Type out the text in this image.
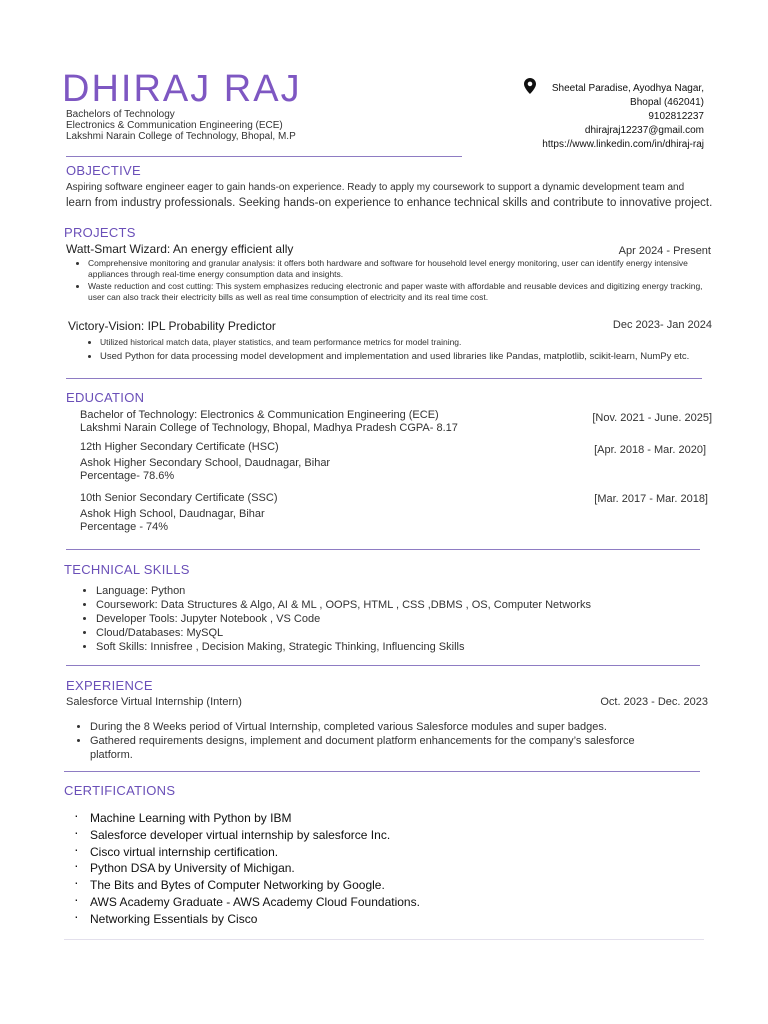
DHIRAJ RAJ
Bachelors of Technology
Electronics & Communication Engineering (ECE)
Lakshmi Narain College of Technology, Bhopal, M.P
Sheetal Paradise, Ayodhya Nagar,
Bhopal (462041)
9102812237
dhirajraj12237@gmail.com
https://www.linkedin.com/in/dhiraj-raj
OBJECTIVE
Aspiring software engineer eager to gain hands-on experience. Ready to apply my coursework to support a dynamic development team and
learn from industry professionals. Seeking hands-on experience to enhance technical skills and contribute to innovative project.
PROJECTS
Watt-Smart Wizard: An energy efficient ally	Apr 2024 - Present
• Comprehensive monitoring and granular analysis: it offers both hardware and software for household level energy monitoring, user can identify energy intensive appliances through real-time energy consumption data and insights.
• Waste reduction and cost cutting: This system emphasizes reducing electronic and paper waste with affordable and reusable devices and digitizing energy tracking, user can also track their electricity bills as well as real time consumption of electricity and its real time cost.
Victory-Vision: IPL Probability Predictor	Dec 2023- Jan 2024
• Utilized historical match data, player statistics, and team performance metrics for model training.
• Used Python for data processing model development and implementation and used libraries like Pandas, matplotlib, scikit-learn, NumPy etc.
EDUCATION
Bachelor of Technology: Electronics & Communication Engineering (ECE)
Lakshmi Narain College of Technology, Bhopal, Madhya Pradesh CGPA- 8.17
[Nov. 2021 - June. 2025]
12th Higher Secondary Certificate (HSC)
Ashok Higher Secondary School, Daudnagar, Bihar
Percentage- 78.6%
[Apr. 2018 - Mar. 2020]
10th Senior Secondary Certificate (SSC)
Ashok High School, Daudnagar, Bihar
Percentage - 74%
[Mar. 2017 - Mar. 2018]
TECHNICAL SKILLS
• Language: Python
• Coursework: Data Structures & Algo, AI & ML , OOPS, HTML , CSS ,DBMS , OS, Computer Networks
• Developer Tools: Jupyter Notebook , VS Code
• Cloud/Databases: MySQL
• Soft Skills: Innisfree , Decision Making, Strategic Thinking, Influencing Skills
EXPERIENCE
Salesforce Virtual Internship (Intern)	Oct. 2023 - Dec. 2023
• During the 8 Weeks period of Virtual Internship, completed various Salesforce modules and super badges.
• Gathered requirements designs, implement and document platform enhancements for the company’s salesforce platform.
CERTIFICATIONS
· Machine Learning with Python by IBM
· Salesforce developer virtual internship by salesforce Inc.
· Cisco virtual internship certification.
· Python DSA by University of Michigan.
· The Bits and Bytes of Computer Networking by Google.
· AWS Academy Graduate - AWS Academy Cloud Foundations.
· Networking Essentials by Cisco
